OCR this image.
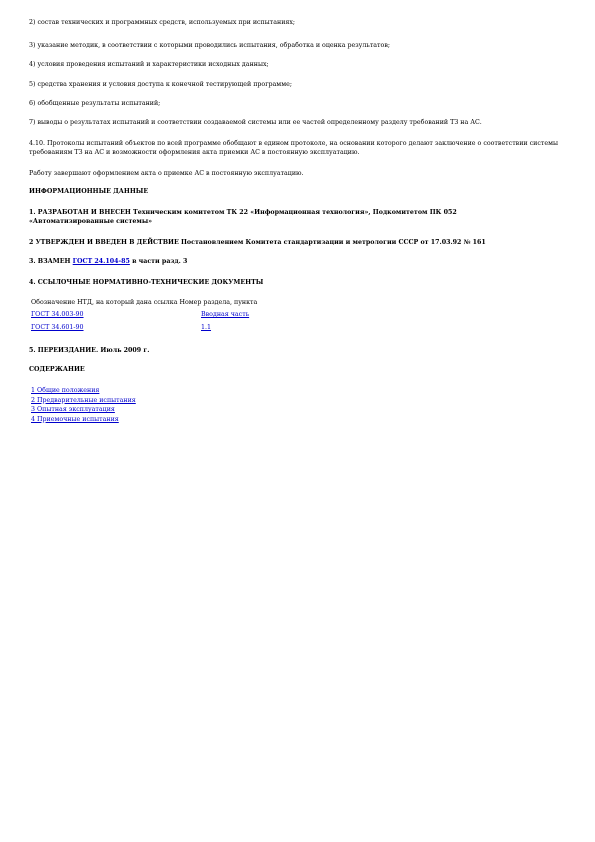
2) состав технических и программных средств, используемых при испытаниях;
3) указание методик, в соответствии с которыми проводились испытания, обработка и оценка результатов;
4) условия проведения испытаний и характеристики исходных данных;
5) средства хранения и условия доступа к конечной тестирующей программе;
6) обобщенные результаты испытаний;
7) выводы о результатах испытаний и соответствии создаваемой системы или ее частей определенному разделу требований ТЗ на АС.
4.10. Протоколы испытаний объектов по всей программе обобщают в едином протоколе, на основании которого делают заключение о соответствии системы требованиям ТЗ на АС и возможности оформления акта приемки АС в постоянную эксплуатацию.
Работу завершают оформлением акта о приемке АС в постоянную эксплуатацию.
ИНФОРМАЦИОННЫЕ ДАННЫЕ
1. РАЗРАБОТАН И ВНЕСЕН Техническим комитетом ТК 22 «Информационная технология», Подкомитетом ПК 052
«Автоматизированные системы»
2 УТВЕРЖДЕН И ВВЕДЕН В ДЕЙСТВИЕ Постановлением Комитета стандартизации и метрологии СССР от 17.03.92 № 161
3. ВЗАМЕН ГОСТ 24.104-85 в части разд. 3
4. ССЫЛОЧНЫЕ НОРМАТИВНО-ТЕХНИЧЕСКИЕ ДОКУМЕНТЫ
Обозначение НТД, на который дана ссылка Номер раздела, пункта
ГОСТ 34.003-90	Вводная часть
ГОСТ 34.601-90	1.1
5. ПЕРЕИЗДАНИЕ. Июль 2009 г.
СОДЕРЖАНИЕ
1 Общие положения
2 Предварительные испытания
3 Опытная эксплуатация
4 Приемочные испытания
